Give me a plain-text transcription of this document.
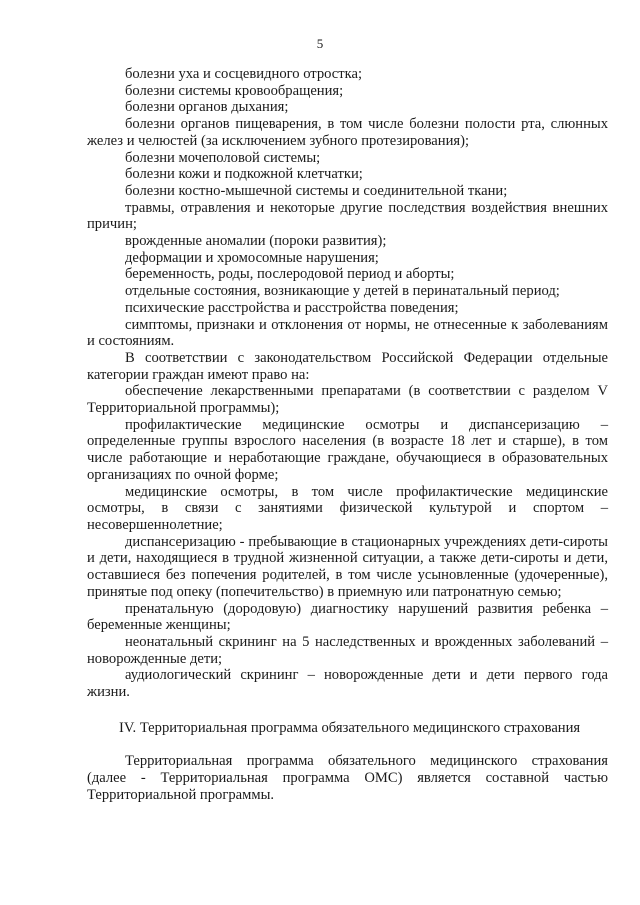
5

болезни уха и сосцевидного отростка;

болезни системы кровообращения;

болезни органов дыхания;

болезни органов пищеварения, в том числе болезни полости рта, слюнных желез и челюстей (за исключением зубного протезирования);

болезни мочеполовой системы;

болезни кожи и подкожной клетчатки;

болезни костно-мышечной системы и соединительной ткани;

травмы, отравления и некоторые другие последствия воздействия внешних причин;

врожденные аномалии (пороки развития);

деформации и хромосомные нарушения;

беременность, роды, послеродовой период и аборты;

отдельные состояния, возникающие у детей в перинатальный период;

психические расстройства и расстройства поведения;

симптомы, признаки и отклонения от нормы, не отнесенные к заболеваниям и состояниям.

В соответствии с законодательством Российской Федерации отдельные категории граждан имеют право на:

обеспечение лекарственными препаратами (в соответствии с разделом V Территориальной программы);

профилактические медицинские осмотры и диспансеризацию – определенные группы взрослого населения (в возрасте 18 лет и старше), в том числе работающие и неработающие граждане, обучающиеся в образовательных организациях по очной форме;

медицинские осмотры, в том числе профилактические медицинские осмотры, в связи с занятиями физической культурой и спортом – несовершеннолетние;

диспансеризацию - пребывающие в стационарных учреждениях дети-сироты и дети, находящиеся в трудной жизненной ситуации, а также дети-сироты и дети, оставшиеся без попечения родителей, в том числе усыновленные (удочеренные), принятые под опеку (попечительство) в приемную или патронатную семью;

пренатальную (дородовую) диагностику нарушений развития ребенка – беременные женщины;

неонатальный скрининг на 5 наследственных и врожденных заболеваний – новорожденные дети;

аудиологический скрининг – новорожденные дети и дети первого года жизни.

IV. Территориальная программа обязательного медицинского страхования

Территориальная программа обязательного медицинского страхования (далее - Территориальная программа ОМС) является составной частью Территориальной программы.
